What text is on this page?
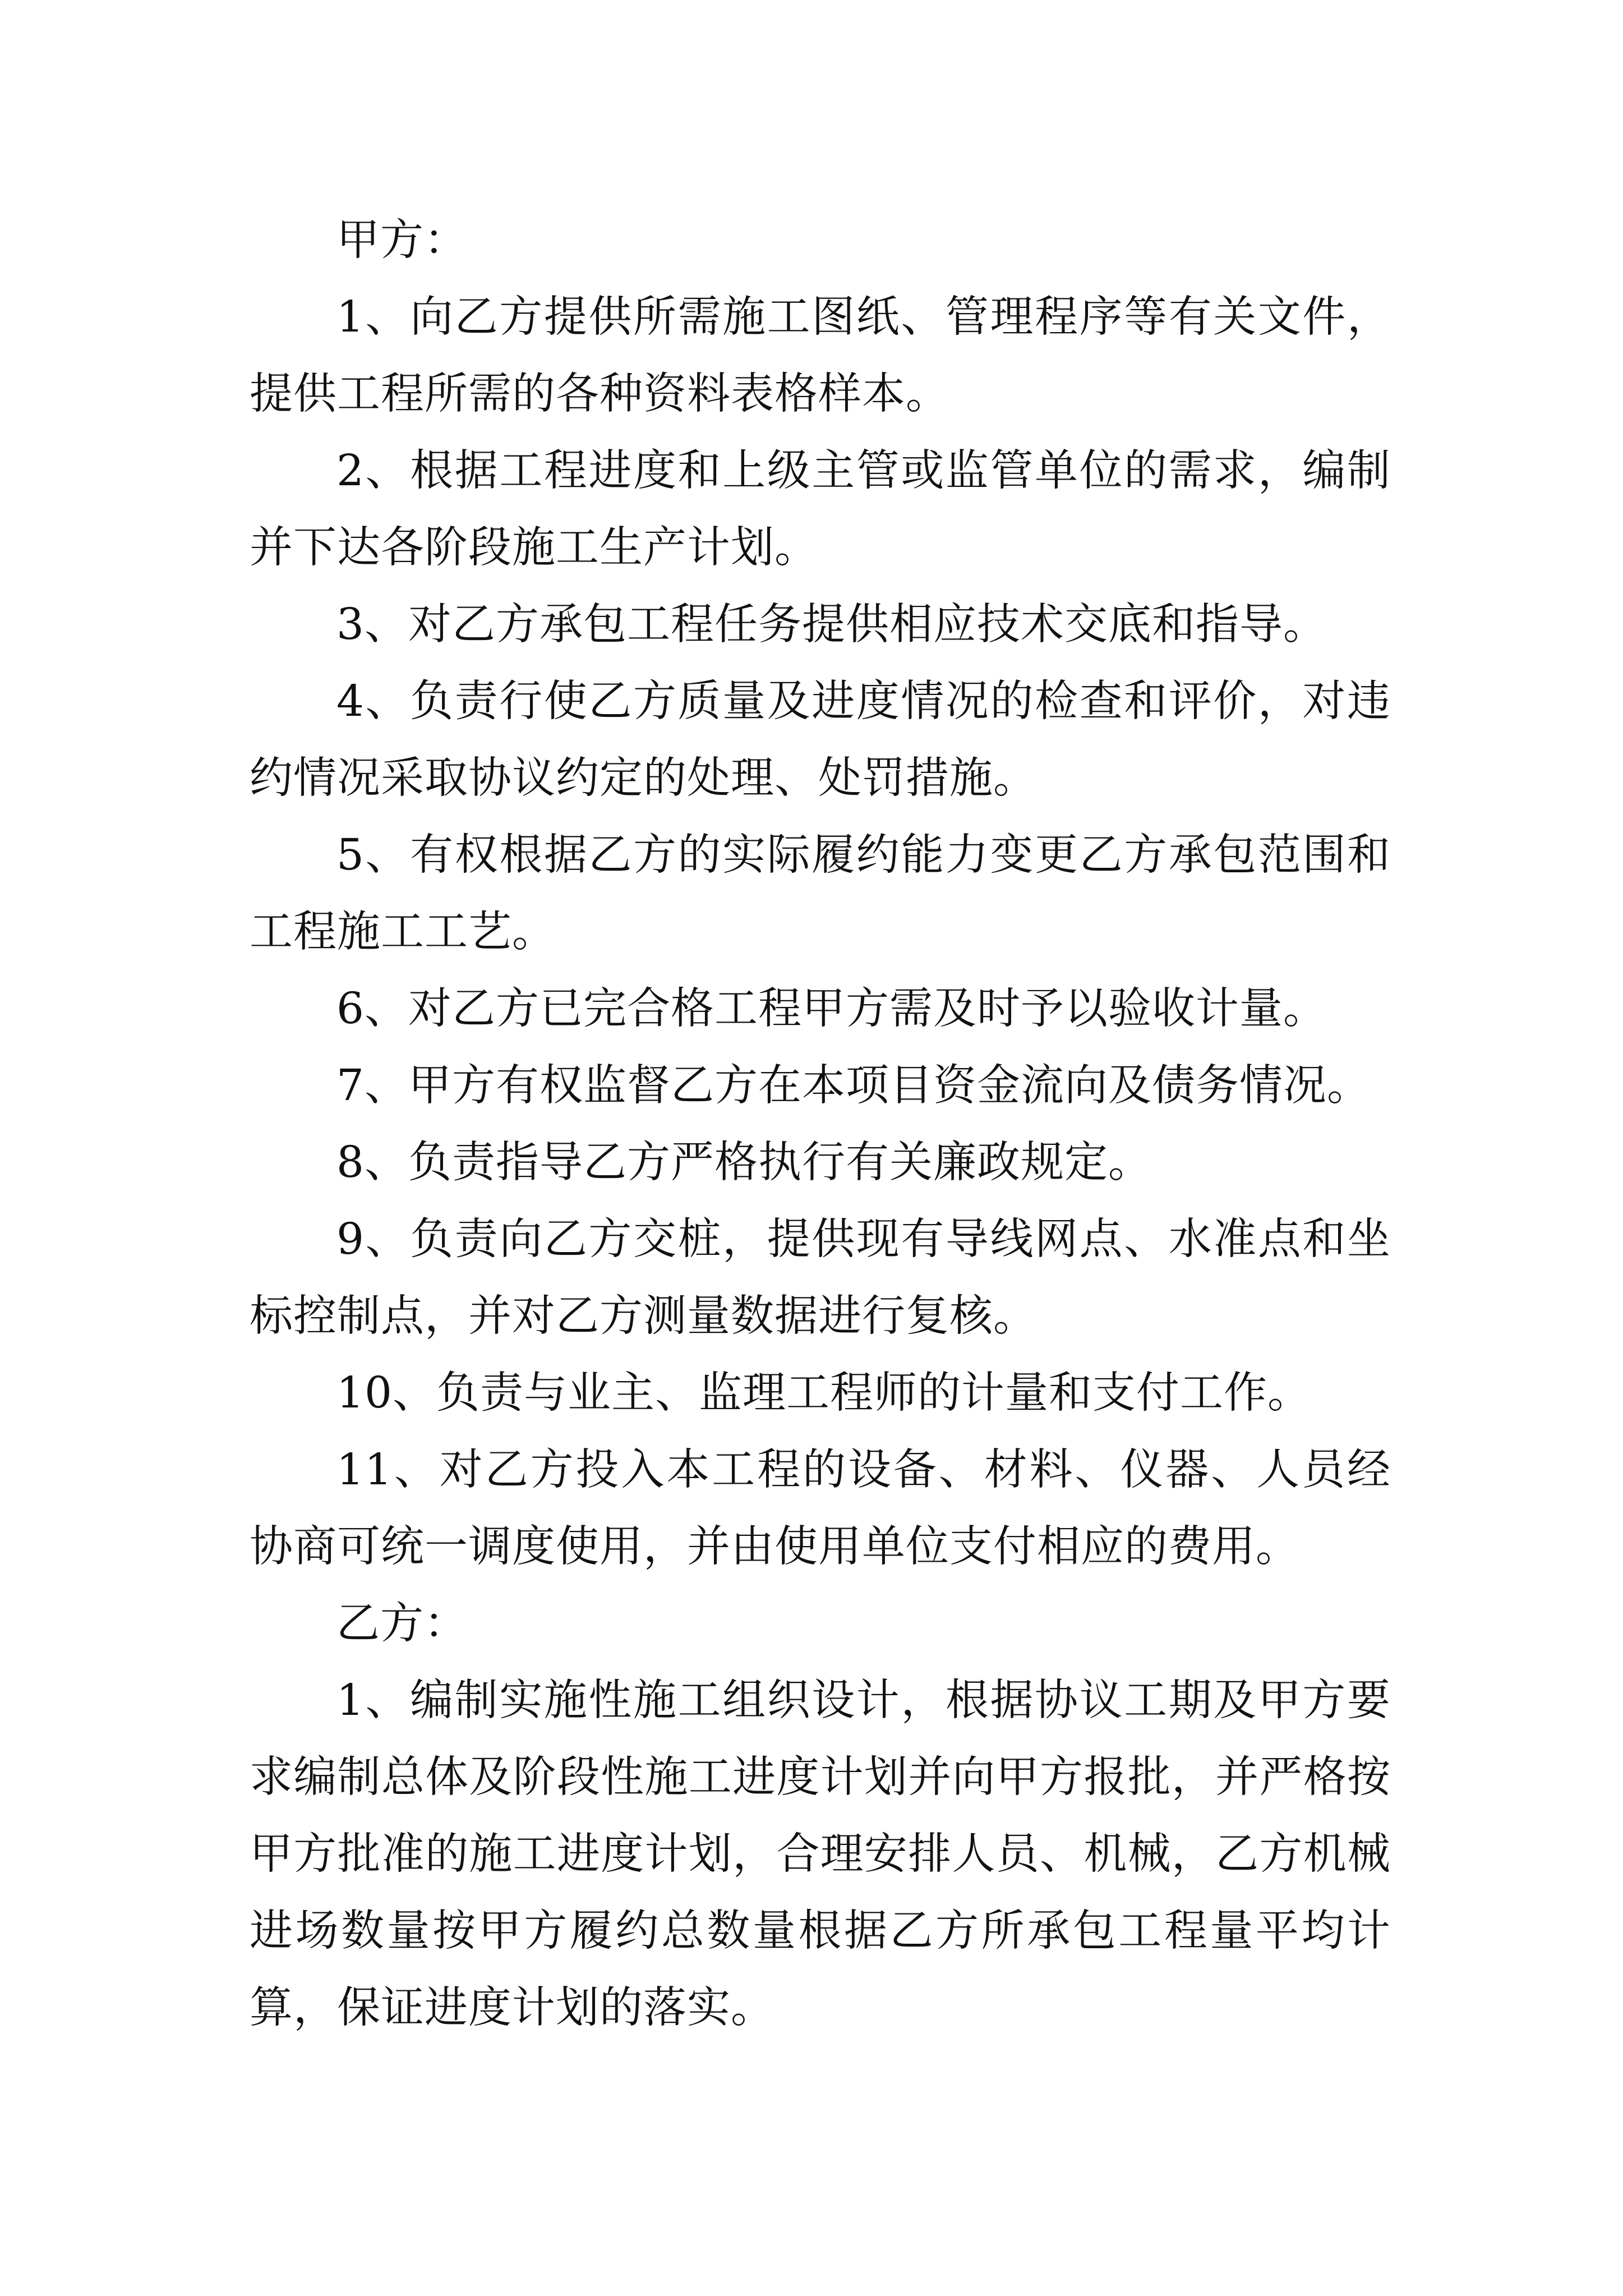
甲方：

1、向乙方提供所需施工图纸、管理程序等有关文件，提供工程所需的各种资料表格样本。

2、根据工程进度和上级主管或监管单位的需求，编制并下达各阶段施工生产计划。

3、对乙方承包工程任务提供相应技术交底和指导。

4、负责行使乙方质量及进度情况的检查和评价，对违约情况采取协议约定的处理、处罚措施。

5、有权根据乙方的实际履约能力变更乙方承包范围和工程施工工艺。

6、对乙方已完合格工程甲方需及时予以验收计量。

7、甲方有权监督乙方在本项目资金流向及债务情况。

8、负责指导乙方严格执行有关廉政规定。

9、负责向乙方交桩，提供现有导线网点、水准点和坐标控制点，并对乙方测量数据进行复核。

10、负责与业主、监理工程师的计量和支付工作。

11、对乙方投入本工程的设备、材料、仪器、人员经协商可统一调度使用，并由使用单位支付相应的费用。

乙方：

1、编制实施性施工组织设计，根据协议工期及甲方要求编制总体及阶段性施工进度计划并向甲方报批，并严格按甲方批准的施工进度计划，合理安排人员、机械，乙方机械进场数量按甲方履约总数量根据乙方所承包工程量平均计算，保证进度计划的落实。
